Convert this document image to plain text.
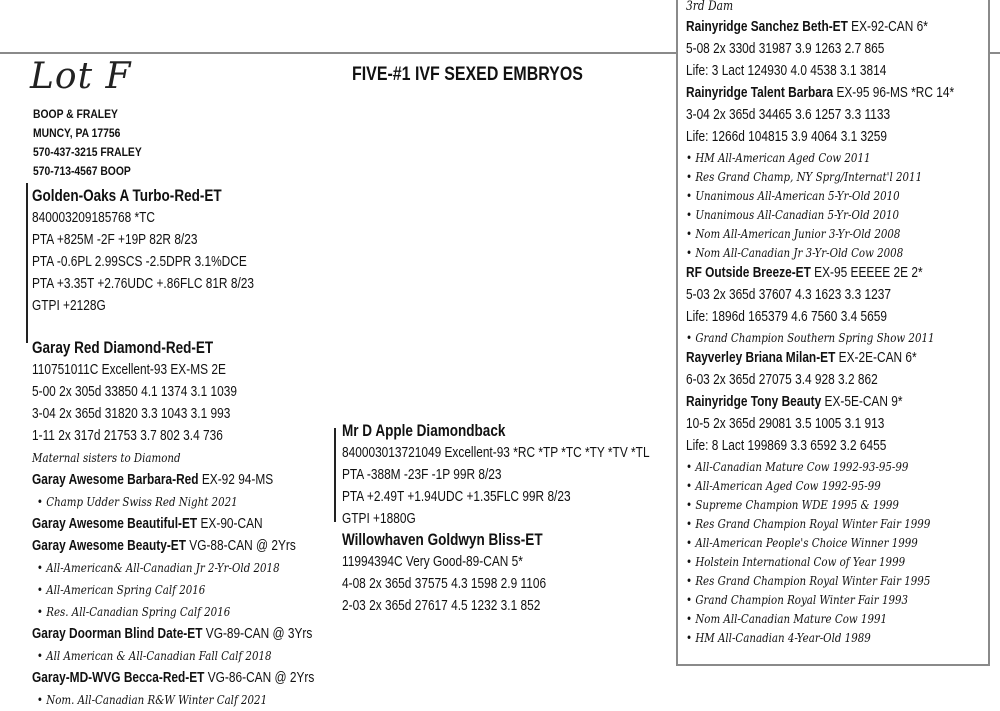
Lot F	FIVE-#1 IVF SEXED EMBRYOS
BOOP & FRALEY
MUNCY, PA 17756
570-437-3215 FRALEY
570-713-4567 BOOP
Golden-Oaks A Turbo-Red-ET
840003209185768 *TC
PTA +825M -2F +19P 82R 8/23
PTA -0.6PL 2.99SCS -2.5DPR 3.1%DCE
PTA +3.35T +2.76UDC +.86FLC 81R 8/23
GTPI +2128G
Garay Red Diamond-Red-ET
110751011C Excellent-93 EX-MS 2E
5-00 2x 305d 33850 4.1 1374 3.1 1039
3-04 2x 365d 31820 3.3 1043 3.1 993
1-11 2x 317d 21753 3.7 802 3.4 736
Maternal sisters to Diamond
Garay Awesome Barbara-Red EX-92 94-MS
• Champ Udder Swiss Red Night 2021
Garay Awesome Beautiful-ET EX-90-CAN
Garay Awesome Beauty-ET VG-88-CAN @ 2Yrs
• All-American& All-Canadian Jr 2-Yr-Old 2018
• All-American Spring Calf 2016
• Res. All-Canadian Spring Calf 2016
Garay Doorman Blind Date-ET VG-89-CAN @ 3Yrs
• All American & All-Canadian Fall Calf 2018
Garay-MD-WVG Becca-Red-ET VG-86-CAN @ 2Yrs
• Nom. All-Canadian R&W Winter Calf 2021
Mr D Apple Diamondback
840003013721049 Excellent-93 *RC *TP *TC *TY *TV *TL
PTA -388M -23F -1P 99R 8/23
PTA +2.49T +1.94UDC +1.35FLC 99R 8/23
GTPI +1880G
Willowhaven Goldwyn Bliss-ET
11994394C Very Good-89-CAN 5*
4-08 2x 365d 37575 4.3 1598 2.9 1106
2-03 2x 365d 27617 4.5 1232 3.1 852
3rd Dam
Rainyridge Sanchez Beth-ET EX-92-CAN 6*
5-08 2x 330d 31987 3.9 1263 2.7 865
Life: 3 Lact 124930 4.0 4538 3.1 3814
Rainyridge Talent Barbara EX-95 96-MS *RC 14*
3-04 2x 365d 34465 3.6 1257 3.3 1133
Life: 1266d 104815 3.9 4064 3.1 3259
• HM All-American Aged Cow 2011
• Res Grand Champ, NY Sprg/Internat'l 2011
• Unanimous All-American 5-Yr-Old 2010
• Unanimous All-Canadian 5-Yr-Old 2010
• Nom All-American Junior 3-Yr-Old 2008
• Nom All-Canadian Jr 3-Yr-Old Cow 2008
RF Outside Breeze-ET EX-95 EEEEE 2E 2*
5-03 2x 365d 37607 4.3 1623 3.3 1237
Life: 1896d 165379 4.6 7560 3.4 5659
• Grand Champion Southern Spring Show 2011
Rayverley Briana Milan-ET EX-2E-CAN 6*
6-03 2x 365d 27075 3.4 928 3.2 862
Rainyridge Tony Beauty EX-5E-CAN 9*
10-5 2x 365d 29081 3.5 1005 3.1 913
Life: 8 Lact 199869 3.3 6592 3.2 6455
• All-Canadian Mature Cow 1992-93-95-99
• All-American Aged Cow 1992-95-99
• Supreme Champion WDE 1995 & 1999
• Res Grand Champion Royal Winter Fair 1999
• All-American People's Choice Winner 1999
• Holstein International Cow of Year 1999
• Res Grand Champion Royal Winter Fair 1995
• Grand Champion Royal Winter Fair 1993
• Nom All-Canadian Mature Cow 1991
• HM All-Canadian 4-Year-Old 1989
